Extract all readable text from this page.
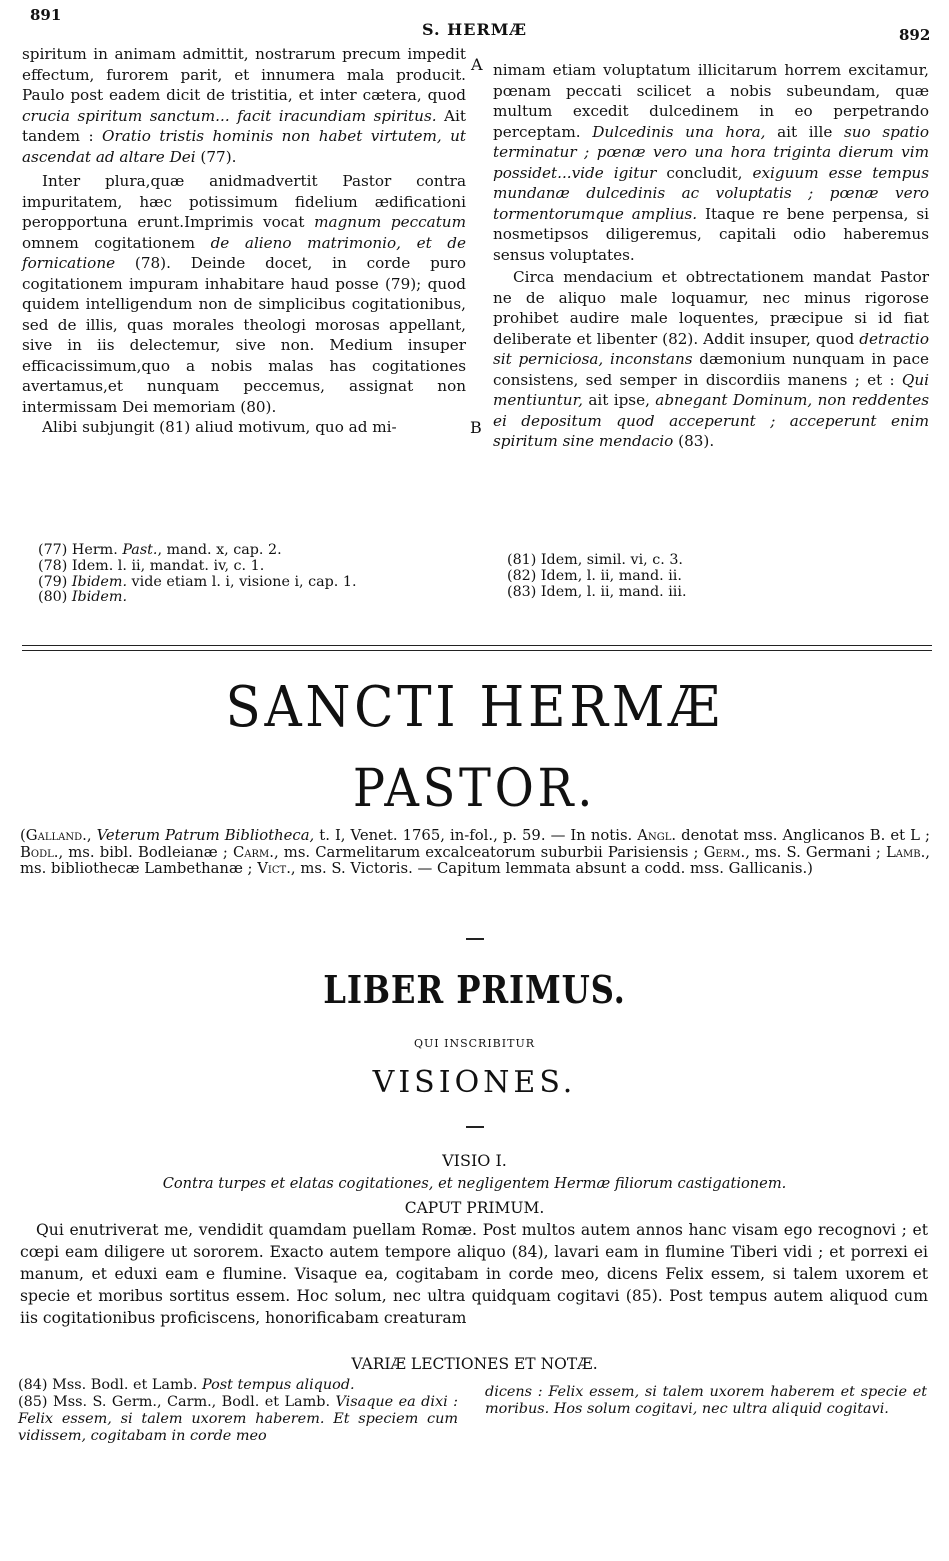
891
S. HERMÆ	892
A
B

spiritum in animam admittit, nostrarum precum impedit effectum, furorem parit, et innumera mala producit. Paulo post eadem dicit de tristitia, et inter cætera, quod crucia spiritum sanctum... facit iracundiam spiritus. Ait tandem : Oratio tristis hominis non habet virtutem, ut ascendat ad altare Dei (77).

Inter plura,quæ anidmadvertit Pastor contra impuritatem, hæc potissimum fidelium ædificationi peropportuna erunt.Imprimis vocat magnum peccatum omnem cogitationem de alieno matrimonio, et de fornicatione (78). Deinde docet, in corde puro cogitationem impuram inhabitare haud posse (79); quod quidem intelligendum non de simplicibus cogitationibus, sed de illis, quas morales theologi morosas appellant, sive in iis delectemur, sive non. Medium insuper efficacissimum,quo a nobis malas has cogitationes avertamus,et nunquam peccemus, assignat non intermissam Dei memoriam (80).

Alibi subjungit (81) aliud motivum, quo ad mi-

nimam etiam voluptatum illicitarum horrem excitamur, pœnam peccati scilicet a nobis subeundam, quæ multum excedit dulcedinem in eo perpetrando perceptam. Dulcedinis una hora, ait ille suo spatio terminatur ; pœnæ vero una hora triginta dierum vim possidet...vide igitur concludit, exiguum esse tempus mundanæ dulcedinis ac voluptatis ; pœnæ vero tormentorumque amplius. Itaque re bene perpensa, si nosmetipsos diligeremus, capitali odio haberemus sensus voluptates.

Circa mendacium et obtrectationem mandat Pastor ne de aliquo male loquamur, nec minus rigorose prohibet audire male loquentes, præcipue si id fiat deliberate et libenter (82). Addit insuper, quod detractio sit perniciosa, inconstans dæmonium nunquam in pace consistens, sed semper in discordiis manens ; et : Qui mentiuntur, ait ipse, abnegant Dominum, non reddentes ei depositum quod acceperunt ; acceperunt enim spiritum sine mendacio (83).

(77) Herm. Past., mand. x, cap. 2.
(78) Idem. l. ii, mandat. iv, c. 1.
(79) Ibidem. vide etiam l. i, visione i, cap. 1.
(80) Ibidem.
(81) Idem, simil. vi, c. 3.
(82) Idem, l. ii, mand. ii.
(83) Idem, l. ii, mand. iii.
SANCTI HERMÆ
PASTOR.
(Galland., Veterum Patrum Bibliotheca, t. I, Venet. 1765, in-fol., p. 59. — In notis. Angl. denotat mss. Anglicanos B. et L ; Bodl., ms. bibl. Bodleianæ ; Carm., ms. Carmelitarum excalceatorum suburbii Parisiensis ; Germ., ms. S. Germani ; Lamb., ms. bibliothecæ Lambethanæ ; Vict., ms. S. Victoris. — Capitum lemmata absunt a codd. mss. Gallicanis.)
LIBER PRIMUS.
QUI INSCRIBITUR
VISIONES.
VISIO I.
Contra turpes et elatas cogitationes, et negligentem Hermæ filiorum castigationem.
CAPUT PRIMUM.

Qui enutriverat me, vendidit quamdam puellam Romæ. Post multos autem annos hanc visam ego recognovi ; et cœpi eam diligere ut sororem. Exacto autem tempore aliquo (84), lavari eam in flumine Tiberi vidi ; et porrexi ei manum, et eduxi eam e flumine. Visaque ea, cogitabam in corde meo, dicens Felix essem, si talem uxorem et specie et moribus sortitus essem. Hoc solum, nec ultra quidquam cogitavi (85). Post tempus autem aliquod cum iis cogitationibus proficiscens, honorificabam creaturam

VARIÆ LECTIONES ET NOTÆ.
(84) Mss. Bodl. et Lamb. Post tempus aliquod.
(85) Mss. S. Germ., Carm., Bodl. et Lamb. Visaque ea dixi : Felix essem, si talem uxorem haberem. Et speciem cum vidissem, cogitabam in corde meo
dicens : Felix essem, si talem uxorem haberem et specie et moribus. Hos solum cogitavi, nec ultra aliquid cogitavi.
